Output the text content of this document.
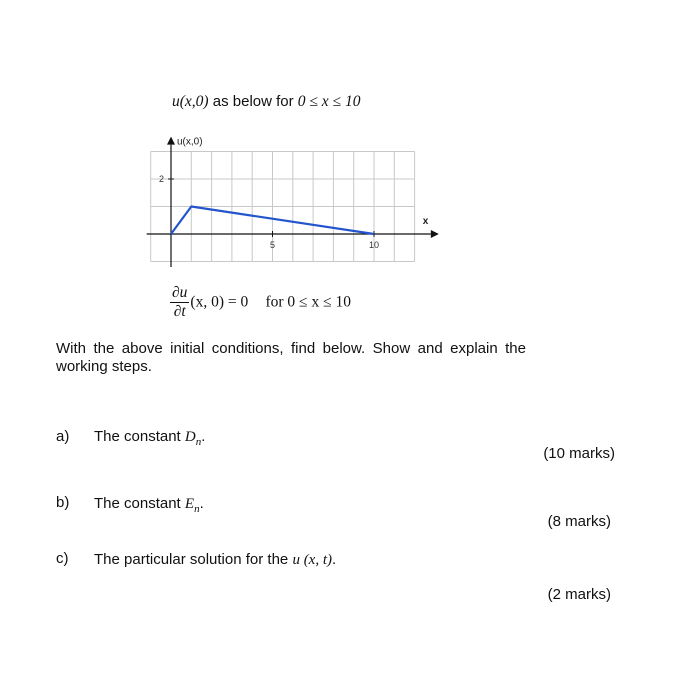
u(x,0) as below for 0 ≤ x ≤ 10
5	10
2
u(x,0)
x
$\frac{\partial u}{\partial t} (x$, 0) = 0 for 0 ≤ x ≤ 10
With the above initial conditions, find below. Show and explain the working steps.
a) The constant $D_n$.
(10 marks)
b) The constant $E_n$.
(8 marks)
c) The particular solution for the u (x, t).
(2 marks)
